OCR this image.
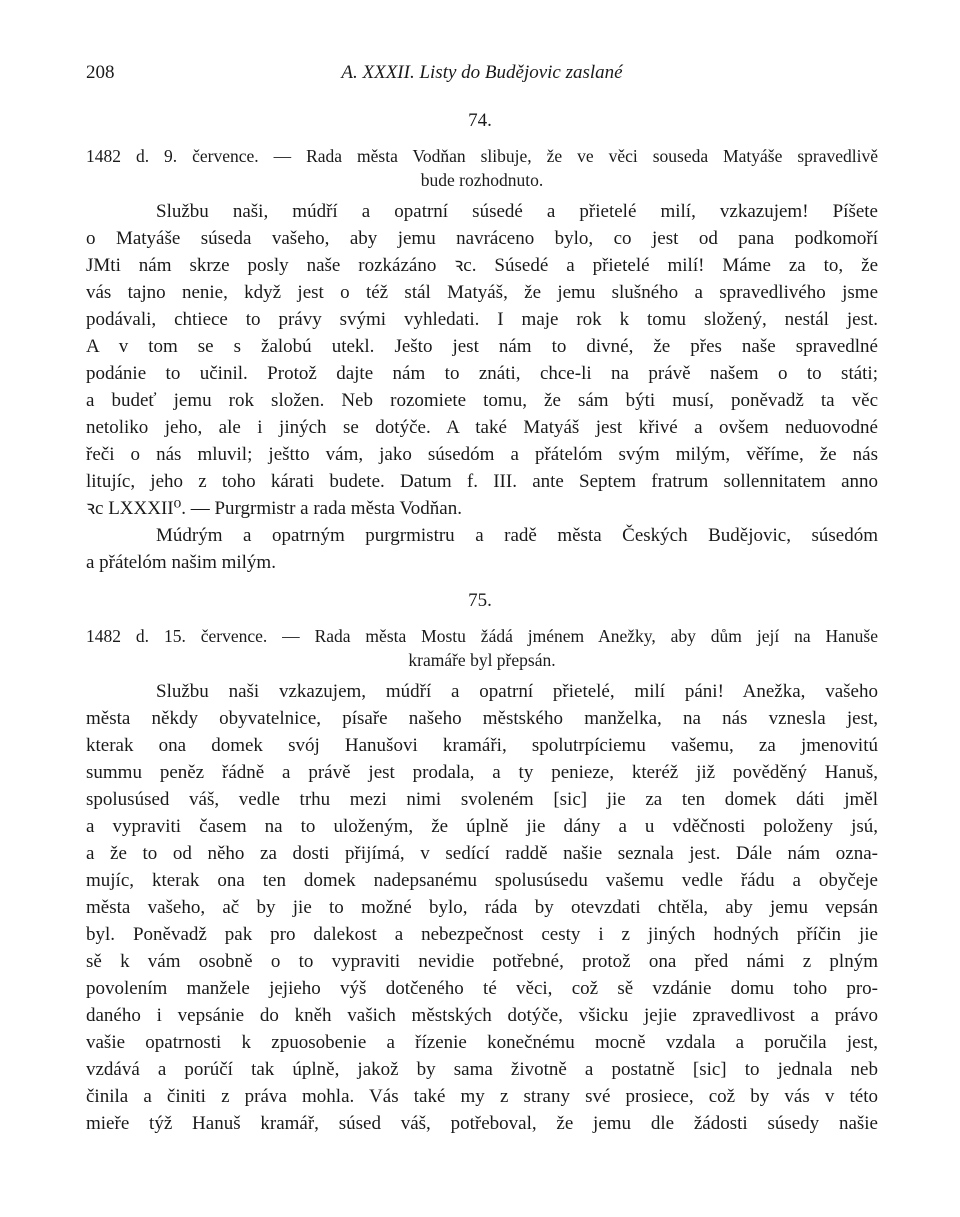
208	A. XXXII. Listy do Budějovic zaslané
74.
1482 d. 9. července. — Rada města Vodňan slibuje, že ve věci souseda Matyáše spravedlivě
bude rozhodnuto.
Službu naši, múdří a opatrní súsedé a přietelé milí, vzkazujem! Píšete
o Matyáše súseda vašeho, aby jemu navráceno bylo, co jest od pana podkomoří
JMti nám skrze posly naše rozkázáno ꝛc. Súsedé a přietelé milí! Máme za to, že
vás tajno nenie, když jest o též stál Matyáš, že jemu slušného a spravedlivého jsme
podávali, chtiece to právy svými vyhledati. I maje rok k tomu složený, nestál jest.
A v tom se s žalobú utekl. Ješto jest nám to divné, že přes naše spravedlné
podánie to učinil. Protož dajte nám to znáti, chce-li na právě našem o to státi;
a budeť jemu rok složen. Neb rozomiete tomu, že sám býti musí, poněvadž ta věc
netoliko jeho, ale i jiných se dotýče. A také Matyáš jest křivé a ovšem neduovodné
řeči o nás mluvil; ještto vám, jako súsedóm a přátelóm svým milým, věříme, že nás
litujíc, jeho z toho kárati budete. Datum f. III. ante Septem fratrum sollennitatem anno
ꝛc LXXXII⁰. — Purgrmistr a rada města Vodňan.
Múdrým a opatrným purgrmistru a radě města Českých Budějovic, súsedóm
a přátelóm našim milým.
75.
1482 d. 15. července. — Rada města Mostu žádá jménem Anežky, aby dům její na Hanuše
kramáře byl přepsán.
Službu naši vzkazujem, múdří a opatrní přietelé, milí páni! Anežka, vašeho
města někdy obyvatelnice, písaře našeho městského manželka, na nás vznesla jest,
kterak ona domek svój Hanušovi kramáři, spolutrpíciemu vašemu, za jmenovitú
summu peněz řádně a právě jest prodala, a ty penieze, kteréž již pověděný Hanuš,
spolusúsed váš, vedle trhu mezi nimi svoleném [sic] jie za ten domek dáti jměl
a vypraviti časem na to uloženým, že úplně jie dány a u vděčnosti položeny jsú,
a že to od něho za dosti přijímá, v sedící raddě našie seznala jest. Dále nám ozna-
mujíc, kterak ona ten domek nadepsanému spolusúsedu vašemu vedle řádu a obyčeje
města vašeho, ač by jie to možné bylo, ráda by otevzdati chtěla, aby jemu vepsán
byl. Poněvadž pak pro dalekost a nebezpečnost cesty i z jiných hodných příčin jie
sě k vám osobně o to vypraviti nevidie potřebné, protož ona před námi z plným
povolením manžele jejieho výš dotčeného té věci, což sě vzdánie domu toho pro-
daného i vepsánie do kněh vašich městských dotýče, všicku jejie zpravedlivost a právo
vašie opatrnosti k zpuosobenie a řízenie konečnému mocně vzdala a poručila jest,
vzdává a porúčí tak úplně, jakož by sama životně a postatně [sic] to jednala neb
činila a činiti z práva mohla. Vás také my z strany své prosiece, což by vás v této
mieře týž Hanuš kramář, súsed váš, potřeboval, že jemu dle žádosti súsedy našie
